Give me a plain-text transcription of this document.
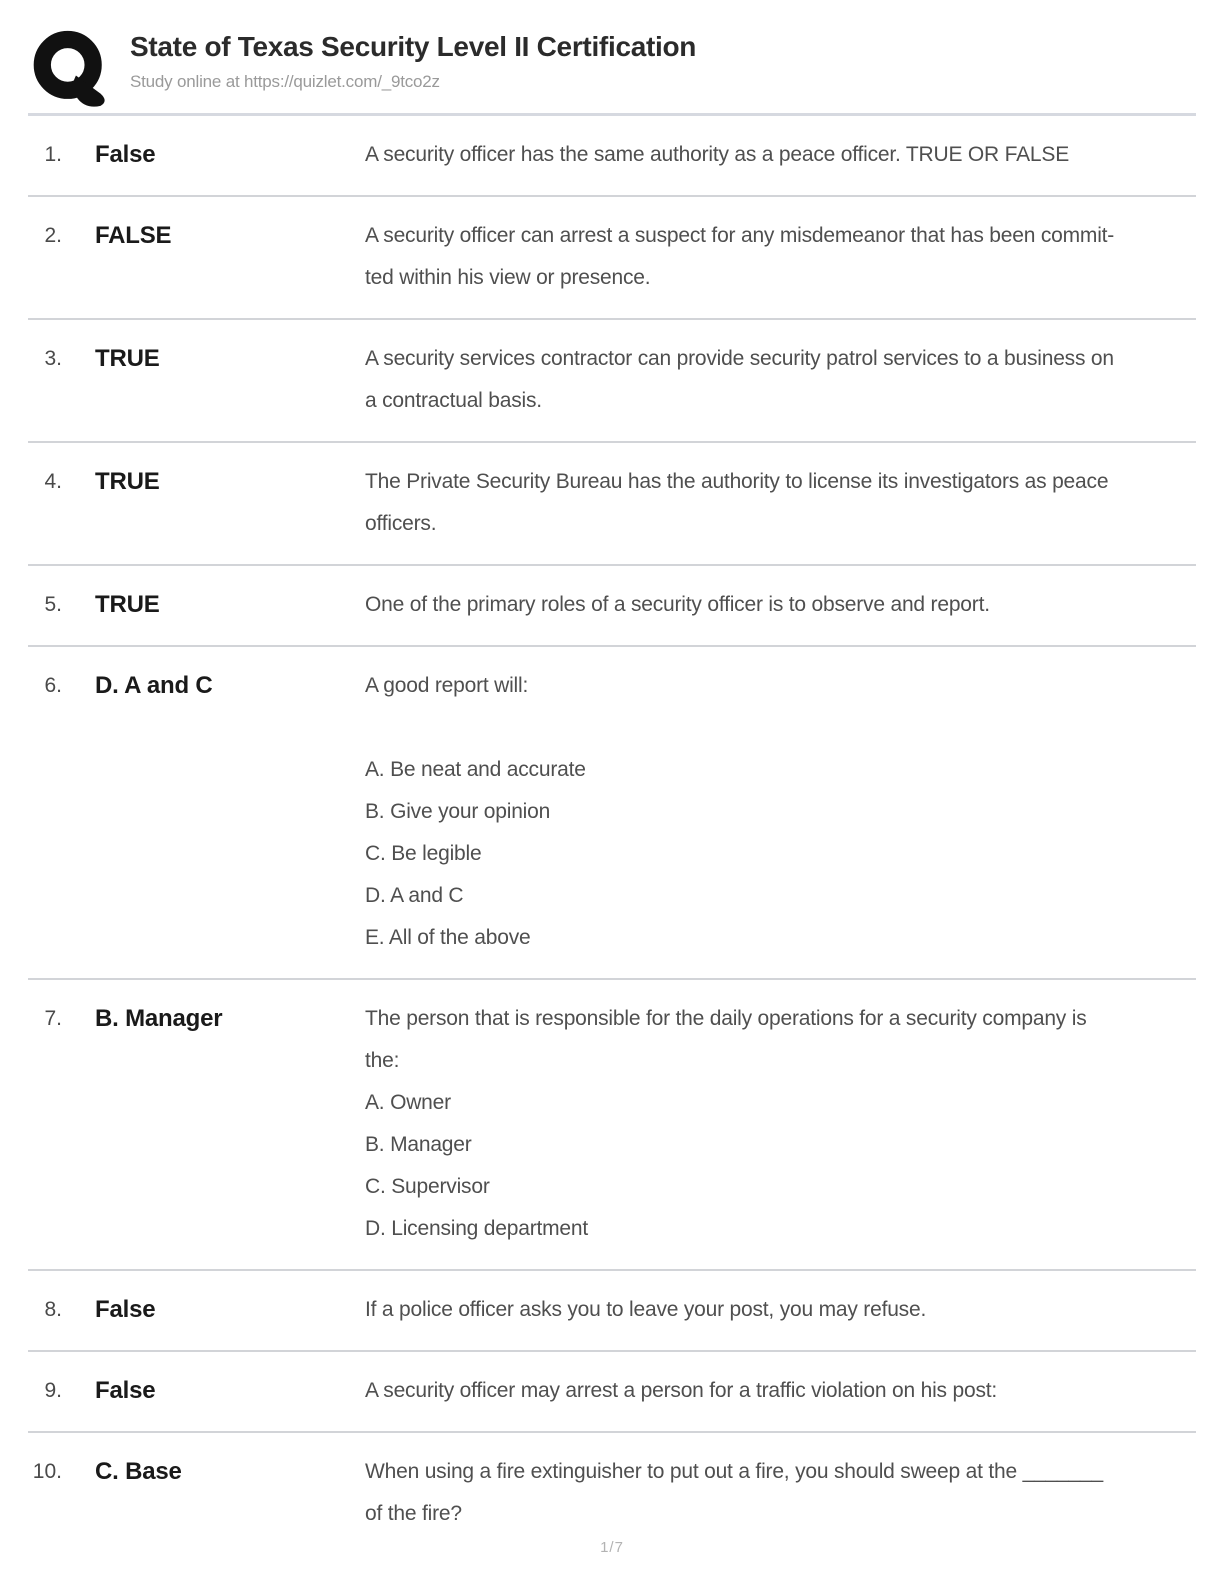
State of Texas Security Level II Certification
Study online at https://quizlet.com/_9tco2z
1. False	A security officer has the same authority as a peace officer. TRUE OR FALSE
2. FALSE	A security officer can arrest a suspect for any misdemeanor that has been commit-
ted within his view or presence.
3. TRUE	A security services contractor can provide security patrol services to a business on
a contractual basis.
4. TRUE	The Private Security Bureau has the authority to license its investigators as peace
officers.
5. TRUE	One of the primary roles of a security officer is to observe and report.
6. D. A and C	A good report will:
A. Be neat and accurate
B. Give your opinion
C. Be legible
D. A and C
E. All of the above
7. B. Manager	The person that is responsible for the daily operations for a security company is
the:
A. Owner
B. Manager
C. Supervisor
D. Licensing department
8. False	If a police officer asks you to leave your post, you may refuse.
9. False	A security officer may arrest a person for a traffic violation on his post:
10. C. Base	When using a fire extinguisher to put out a fire, you should sweep at the _______
of the fire?
1/7
